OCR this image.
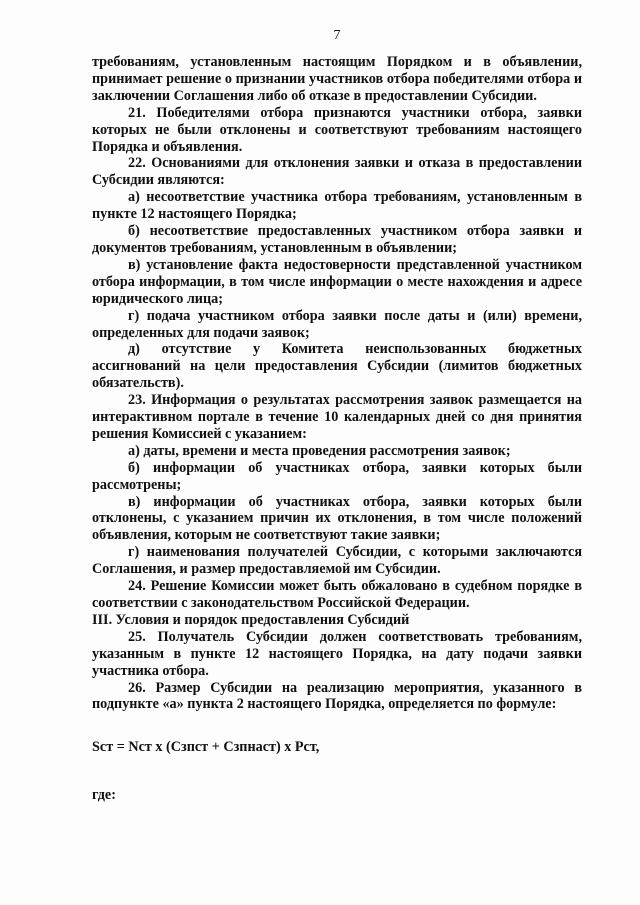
7

требованиям, установленным настоящим Порядком и в объявлении, принимает решение о признании участников отбора победителями отбора и заключении Соглашения либо об отказе в предоставлении Субсидии.

21. Победителями отбора признаются участники отбора, заявки которых не были отклонены и соответствуют требованиям настоящего Порядка и объявления.

22. Основаниями для отклонения заявки и отказа в предоставлении Субсидии являются:

а) несоответствие участника отбора требованиям, установленным в пункте 12 настоящего Порядка;

б) несоответствие предоставленных участником отбора заявки и документов требованиям, установленным в объявлении;

в) установление факта недостоверности представленной участником отбора информации, в том числе информации о месте нахождения и адресе юридического лица;

г) подача участником отбора заявки после даты и (или) времени, определенных для подачи заявок;

д) отсутствие у Комитета неиспользованных бюджетных ассигнований на цели предоставления Субсидии (лимитов бюджетных обязательств).

23. Информация о результатах рассмотрения заявок размещается на интерактивном портале в течение 10 календарных дней со дня принятия решения Комиссией с указанием:

а) даты, времени и места проведения рассмотрения заявок;

б) информации об участниках отбора, заявки которых были рассмотрены;

в) информации об участниках отбора, заявки которых были отклонены, с указанием причин их отклонения, в том числе положений объявления, которым не соответствуют такие заявки;

г) наименования получателей Субсидии, с которыми заключаются Соглашения, и размер предоставляемой им Субсидии.

24. Решение Комиссии может быть обжаловано в судебном порядке в соответствии с законодательством Российской Федерации.

III. Условия и порядок предоставления Субсидий

25. Получатель Субсидии должен соответствовать требованиям, указанным в пункте 12 настоящего Порядка, на дату подачи заявки участника отбора.

26. Размер Субсидии на реализацию мероприятия, указанного в подпункте «а» пункта 2 настоящего Порядка, определяется по формуле:

Sст = Nст х (Сзпст + Сзпнаст) х Рст,

где:
